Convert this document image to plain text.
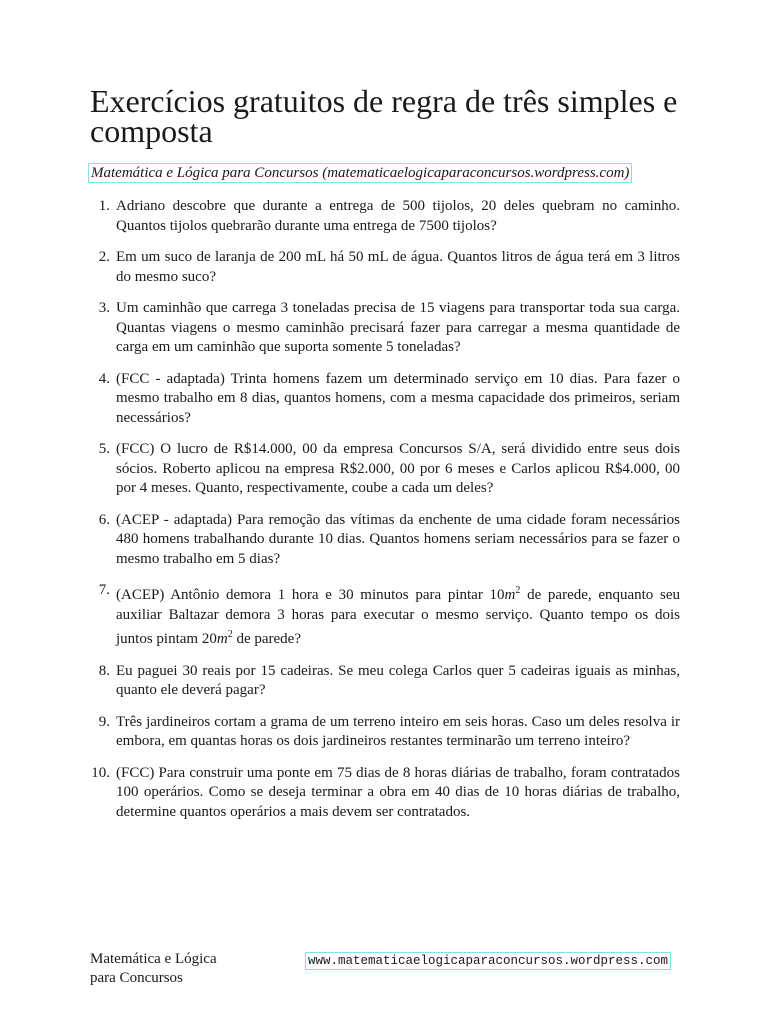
Exercícios gratuitos de regra de três simples e composta
Matemática e Lógica para Concursos (matematicaelogicaparaconcursos.wordpress.com)
1. Adriano descobre que durante a entrega de 500 tijolos, 20 deles quebram no caminho. Quantos tijolos quebrarão durante uma entrega de 7500 tijolos?
2. Em um suco de laranja de 200 mL há 50 mL de água. Quantos litros de água terá em 3 litros do mesmo suco?
3. Um caminhão que carrega 3 toneladas precisa de 15 viagens para transportar toda sua carga. Quantas viagens o mesmo caminhão precisará fazer para carregar a mesma quantidade de carga em um caminhão que suporta somente 5 toneladas?
4. (FCC - adaptada) Trinta homens fazem um determinado serviço em 10 dias. Para fazer o mesmo trabalho em 8 dias, quantos homens, com a mesma capacidade dos primeiros, seriam necessários?
5. (FCC) O lucro de R$14.000, 00 da empresa Concursos S/A, será dividido entre seus dois sócios. Roberto aplicou na empresa R$2.000, 00 por 6 meses e Carlos aplicou R$4.000, 00 por 4 meses. Quanto, respectivamente, coube a cada um deles?
6. (ACEP - adaptada) Para remoção das vítimas da enchente de uma cidade foram necessários 480 homens trabalhando durante 10 dias. Quantos homens seriam necessários para se fazer o mesmo trabalho em 5 dias?
7. (ACEP) Antônio demora 1 hora e 30 minutos para pintar $10m^2$ de parede, enquanto seu auxiliar Baltazar demora 3 horas para executar o mesmo serviço. Quanto tempo os dois juntos pintam $20m^2$ de parede?
8. Eu paguei 30 reais por 15 cadeiras. Se meu colega Carlos quer 5 cadeiras iguais as minhas, quanto ele deverá pagar?
9. Três jardineiros cortam a grama de um terreno inteiro em seis horas. Caso um deles resolva ir embora, em quantas horas os dois jardineiros restantes terminarão um terreno inteiro?
10. (FCC) Para construir uma ponte em 75 dias de 8 horas diárias de trabalho, foram contratados 100 operários. Como se deseja terminar a obra em 40 dias de 10 horas diárias de trabalho, determine quantos operários a mais devem ser contratados.
Matemática e Lógica
para Concursos
www.matematicaelogicaparaconcursos.wordpress.com
